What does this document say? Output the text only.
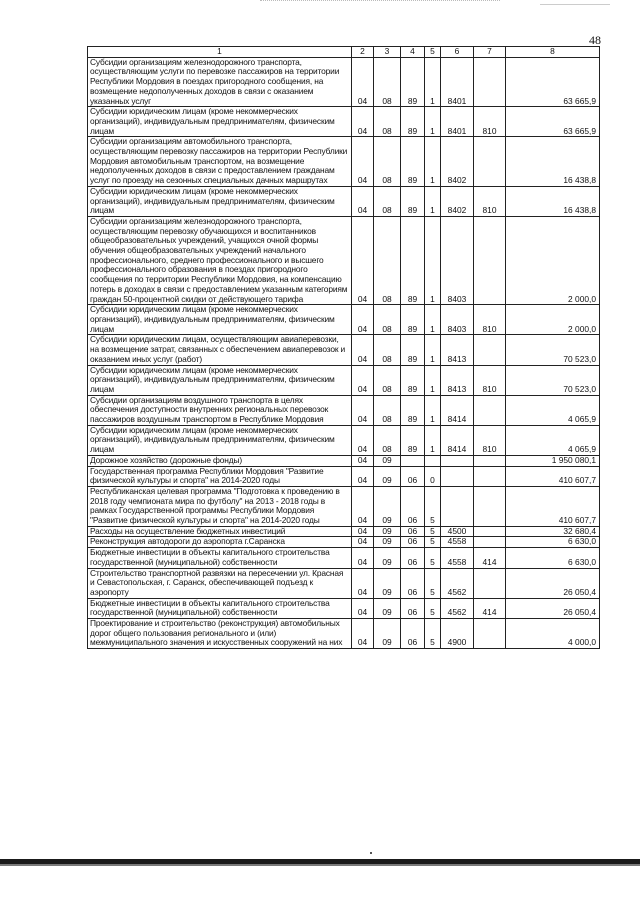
48
1	2	3	4	5	6	7	8
Субсидии организациям железнодорожного транспорта, осуществляющим услуги по перевозке пассажиров на территории Республики Мордовия в поездах пригородного сообщения, на возмещение недополученных доходов в связи с оказанием указанных услуг	04	08	89	1	8401		63 665,9
Субсидии юридическим лицам (кроме некоммерческих организаций), индивидуальным предпринимателям, физическим лицам	04	08	89	1	8401	810	63 665,9
Субсидии организациям автомобильного транспорта, осуществляющим перевозку пассажиров на территории Республики Мордовия автомобильным транспортом, на возмещение недополученных доходов в связи с предоставлением гражданам услуг по проезду на сезонных специальных дачных маршрутах	04	08	89	1	8402		16 438,8
Субсидии юридическим лицам (кроме некоммерческих организаций), индивидуальным предпринимателям, физическим лицам	04	08	89	1	8402	810	16 438,8
Субсидии организациям железнодорожного транспорта, осуществляющим перевозку обучающихся и воспитанников общеобразовательных учреждений, учащихся очной формы обучения общеобразовательных учреждений начального профессионального, среднего профессионального и высшего профессионального образования в поездах пригородного сообщения по территории Республики Мордовия, на компенсацию потерь в доходах в связи с предоставлением указанным категориям граждан 50-процентной скидки от действующего тарифа	04	08	89	1	8403		2 000,0
Субсидии юридическим лицам (кроме некоммерческих организаций), индивидуальным предпринимателям, физическим лицам	04	08	89	1	8403	810	2 000,0
Субсидии юридическим лицам, осуществляющим авиаперевозки, на возмещение затрат, связанных с обеспечением авиаперевозок и оказанием иных услуг (работ)	04	08	89	1	8413		70 523,0
Субсидии юридическим лицам (кроме некоммерческих организаций), индивидуальным предпринимателям, физическим лицам	04	08	89	1	8413	810	70 523,0
Субсидии организациям воздушного транспорта в целях обеспечения доступности внутренних региональных перевозок пассажиров воздушным транспортом в Республике Мордовия	04	08	89	1	8414		4 065,9
Субсидии юридическим лицам (кроме некоммерческих организаций), индивидуальным предпринимателям, физическим лицам	04	08	89	1	8414	810	4 065,9
Дорожное хозяйство (дорожные фонды)	04	09					1 950 080,1
Государственная программа Республики Мордовия "Развитие физической культуры и спорта" на 2014-2020 годы	04	09	06	0			410 607,7
Республиканская целевая программа "Подготовка к проведению в 2018 году чемпионата мира по футболу" на 2013 - 2018 годы в рамках Государственной программы Республики Мордовия "Развитие физической культуры и спорта" на 2014-2020 годы	04	09	06	5			410 607,7
Расходы на осуществление бюджетных инвестиций	04	09	06	5	4500		32 680,4
Реконструкция автодороги до аэропорта г.Саранска	04	09	06	5	4558		6 630,0
Бюджетные инвестиции в объекты капитального строительства государственной (муниципальной) собственности	04	09	06	5	4558	414	6 630,0
Строительство транспортной развязки на пересечении ул. Красная и Севастопольская, г. Саранск, обеспечивающей подъезд к аэропорту	04	09	06	5	4562		26 050,4
Бюджетные инвестиции в объекты капитального строительства государственной (муниципальной) собственности	04	09	06	5	4562	414	26 050,4
Проектирование и строительство (реконструкция) автомобильных дорог общего пользования регионального и (или) межмуниципального значения и искусственных сооружений на них	04	09	06	5	4900		4 000,0
